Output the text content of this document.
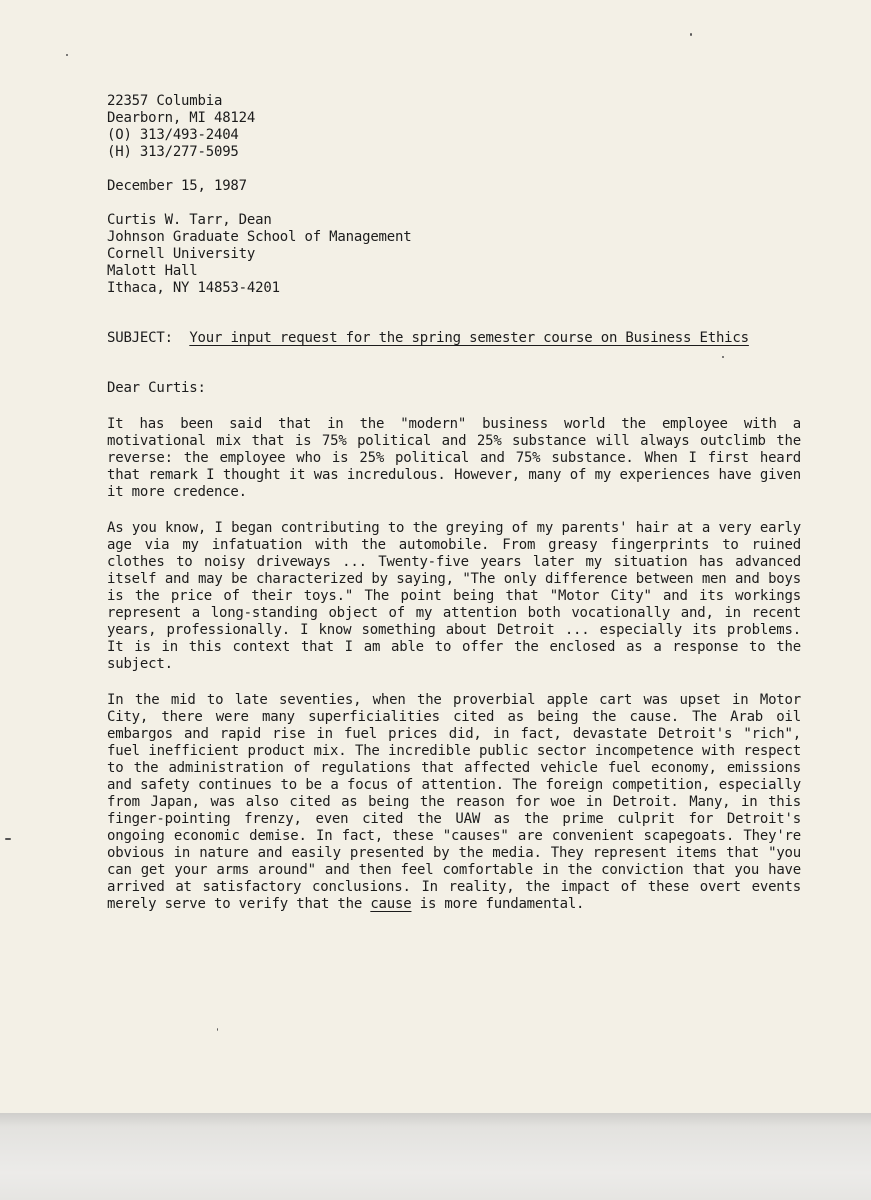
22357 Columbia
Dearborn, MI 48124
(O) 313/493-2404
(H) 313/277-5095
December 15, 1987
Curtis W. Tarr, Dean
Johnson Graduate School of Management
Cornell University
Malott Hall
Ithaca, NY 14853-4201
SUBJECT: Your input request for the spring semester course on Business Ethics
Dear Curtis:

It has been said that in the "modern" business world the employee with a motivational mix that is 75% political and 25% substance will always outclimb the reverse: the employee who is 25% political and 75% substance. When I first heard that remark I thought it was incredulous. However, many of my experiences have given it more credence.

As you know, I began contributing to the greying of my parents' hair at a very early age via my infatuation with the automobile. From greasy fingerprints to ruined clothes to noisy driveways ... Twenty-five years later my situation has advanced itself and may be characterized by saying, "The only difference between men and boys is the price of their toys." The point being that "Motor City" and its workings represent a long-standing object of my attention both vocationally and, in recent years, professionally. I know something about Detroit ... especially its problems. It is in this context that I am able to offer the enclosed as a response to the subject.

In the mid to late seventies, when the proverbial apple cart was upset in Motor City, there were many superficialities cited as being the cause. The Arab oil embargos and rapid rise in fuel prices did, in fact, devastate Detroit's "rich", fuel inefficient product mix. The incredible public sector incompetence with respect to the administration of regulations that affected vehicle fuel economy, emissions and safety continues to be a focus of attention. The foreign competition, especially from Japan, was also cited as being the reason for woe in Detroit. Many, in this finger-pointing frenzy, even cited the UAW as the prime culprit for Detroit's ongoing economic demise. In fact, these "causes" are convenient scapegoats. They're obvious in nature and easily presented by the media. They represent items that "you can get your arms around" and then feel comfortable in the conviction that you have arrived at satisfactory conclusions. In reality, the impact of these overt events merely serve to verify that the cause is more fundamental.
